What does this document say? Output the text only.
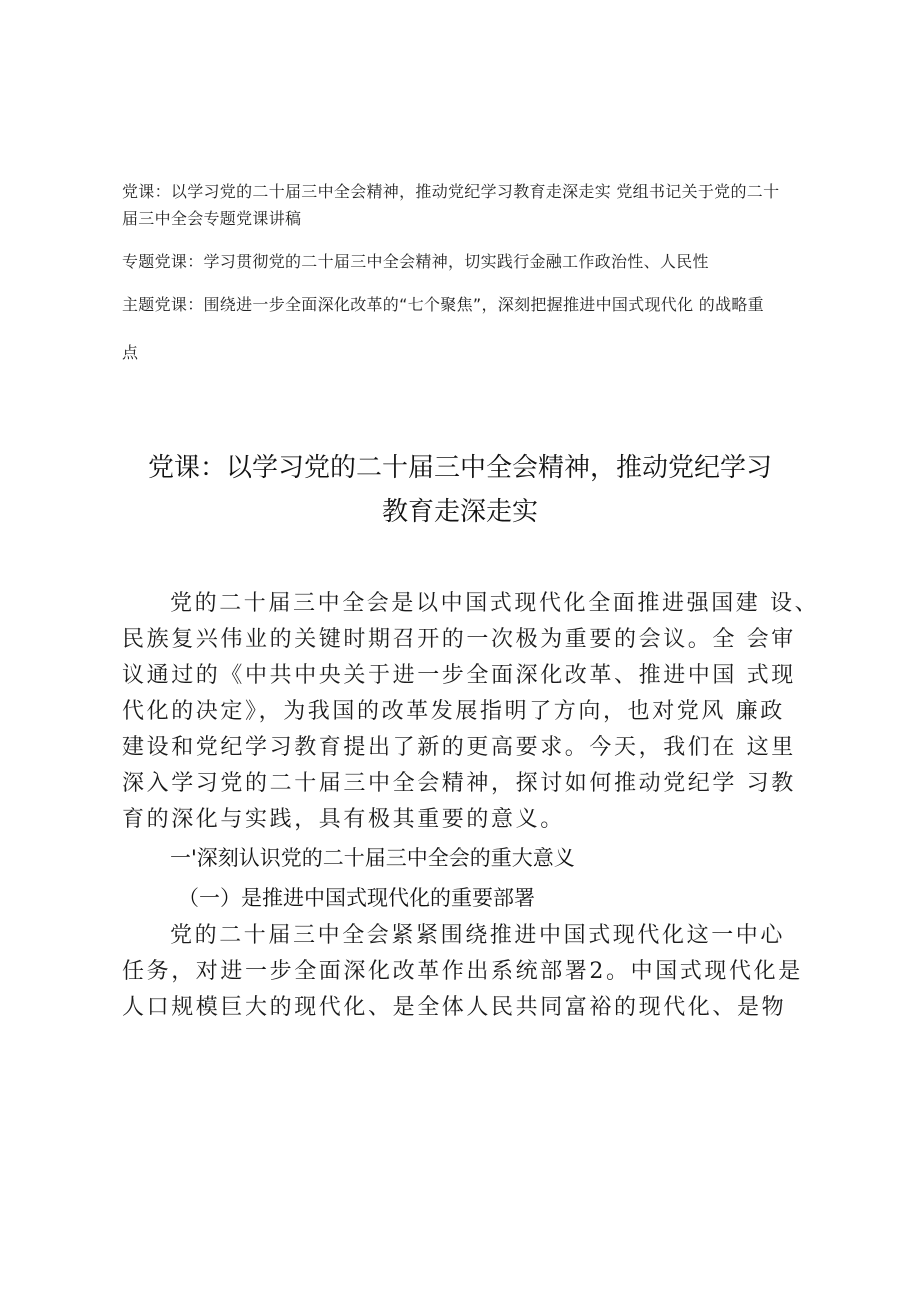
党课：以学习党的二十届三中全会精神，推动党纪学习教育走深走实 党组书记关于党的二十

届三中全会专题党课讲稿

专题党课：学习贯彻党的二十届三中全会精神，切实践行金融工作政治性、人民性

主题党课：围绕进一步全面深化改革的“七个聚焦”，深刻把握推进中国式现代化 的战略重

点

党课：以学习党的二十届三中全会精神，推动党纪学习

教育走深走实

党的二十届三中全会是以中国式现代化全面推进强国建 设、

民族复兴伟业的关键时期召开的一次极为重要的会议。全 会审

议通过的《中共中央关于进一步全面深化改革、推进中国 式现

代化的决定》，为我国的改革发展指明了方向，也对党风 廉政

建设和党纪学习教育提出了新的更高要求。今天，我们在 这里

深入学习党的二十届三中全会精神，探讨如何推动党纪学 习教

育的深化与实践，具有极其重要的意义。

一'深刻认识党的二十届三中全会的重大意义

（一）是推进中国式现代化的重要部署

党的二十届三中全会紧紧围绕推进中国式现代化这一中心

任务，对进一步全面深化改革作出系统部署2。中国式现代化是

人口规模巨大的现代化、是全体人民共同富裕的现代化、是物
